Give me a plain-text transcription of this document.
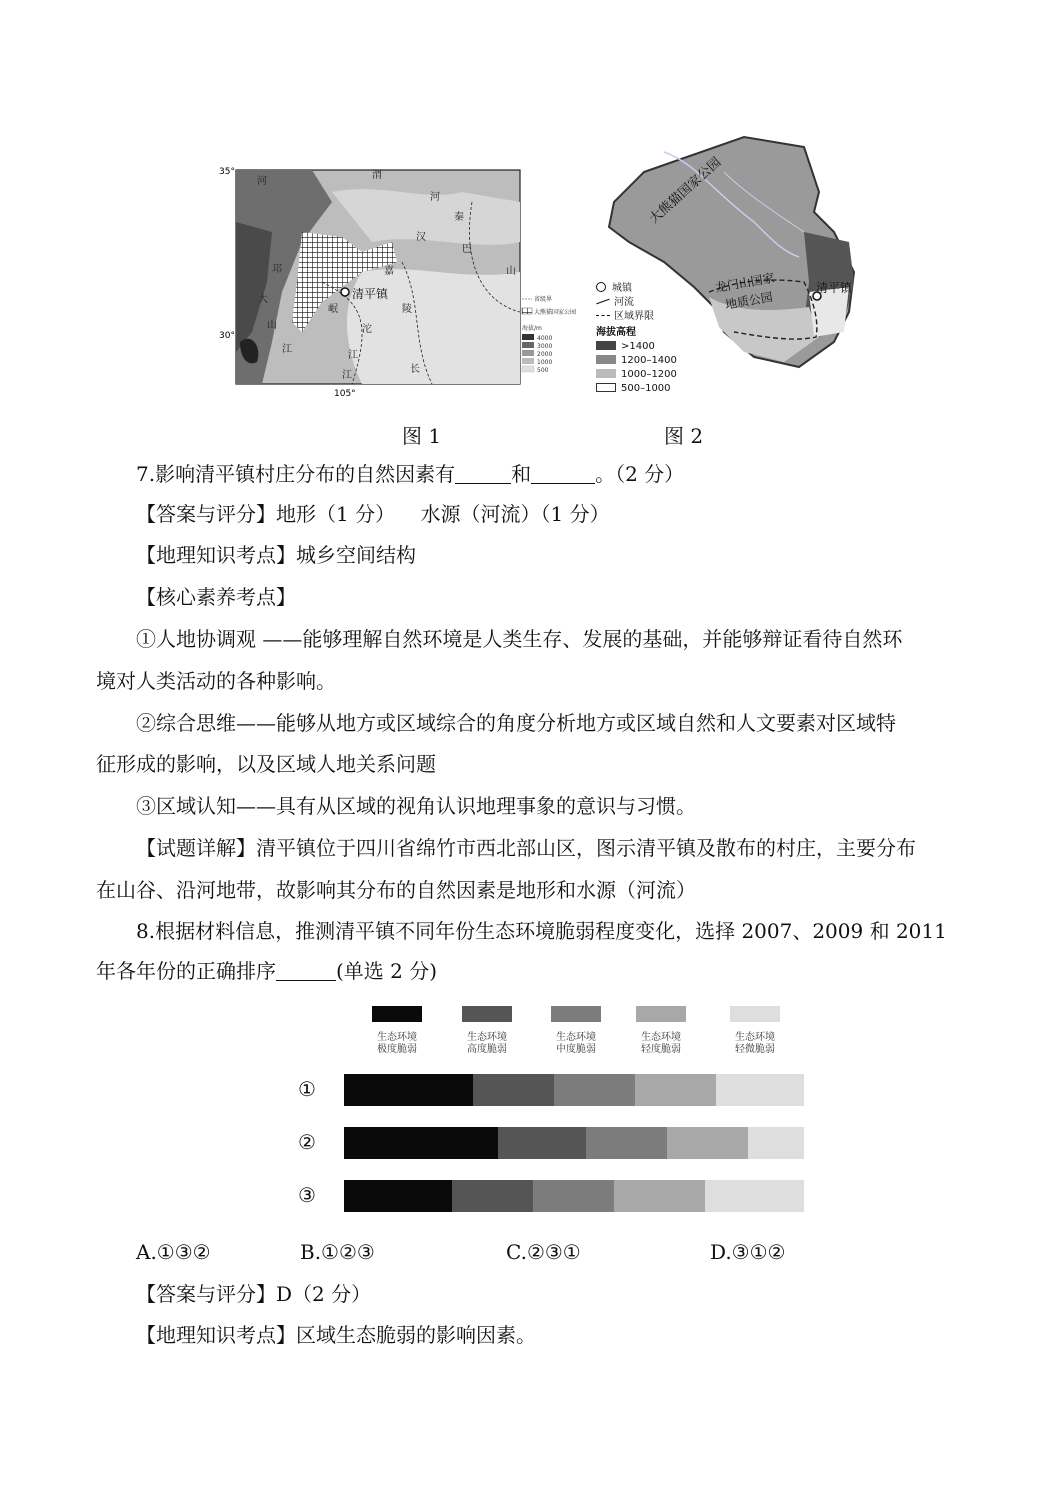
清平镇
35°
30°
105°
河
渭
河
秦
汉
巴
山
大
邛
山
岷
江
嘉
陵
沱
江
长
江
省级界
大熊猫国家公园
海拔/m
4000
3000
2000
1000
500
大熊猫国家公园
龙门山国家
地质公园
清平镇
城镇
河流
区域界限
海拔高程
>1400
1200–1400
1000–1200
500–1000
图 1	图 2
7.影响清平镇村庄分布的自然因素有	和	。（2 分）
【答案与评分】地形（1 分）    水源（河流）（1 分）
【地理知识考点】城乡空间结构
【核心素养考点】
①人地协调观 ——能够理解自然环境是人类生存、发展的基础，并能够辩证看待自然环
境对人类活动的各种影响。
②综合思维——能够从地方或区域综合的角度分析地方或区域自然和人文要素对区域特
征形成的影响，以及区域人地关系问题
③区域认知——具有从区域的视角认识地理事象的意识与习惯。
【试题详解】清平镇位于四川省绵竹市西北部山区，图示清平镇及散布的村庄，主要分布
在山谷、沿河地带，故影响其分布的自然因素是地形和水源（河流）
8.根据材料信息，推测清平镇不同年份生态环境脆弱程度变化，选择 2007、2009 和 2011
年各年份的正确排序	(单选 2 分)
生态环境
极度脆弱
生态环境
高度脆弱
生态环境
中度脆弱
生态环境
轻度脆弱
生态环境
轻微脆弱
①
②
③
A.①③②	B.①②③	C.②③①	D.③①②
【答案与评分】D（2 分）
【地理知识考点】区域生态脆弱的影响因素。
